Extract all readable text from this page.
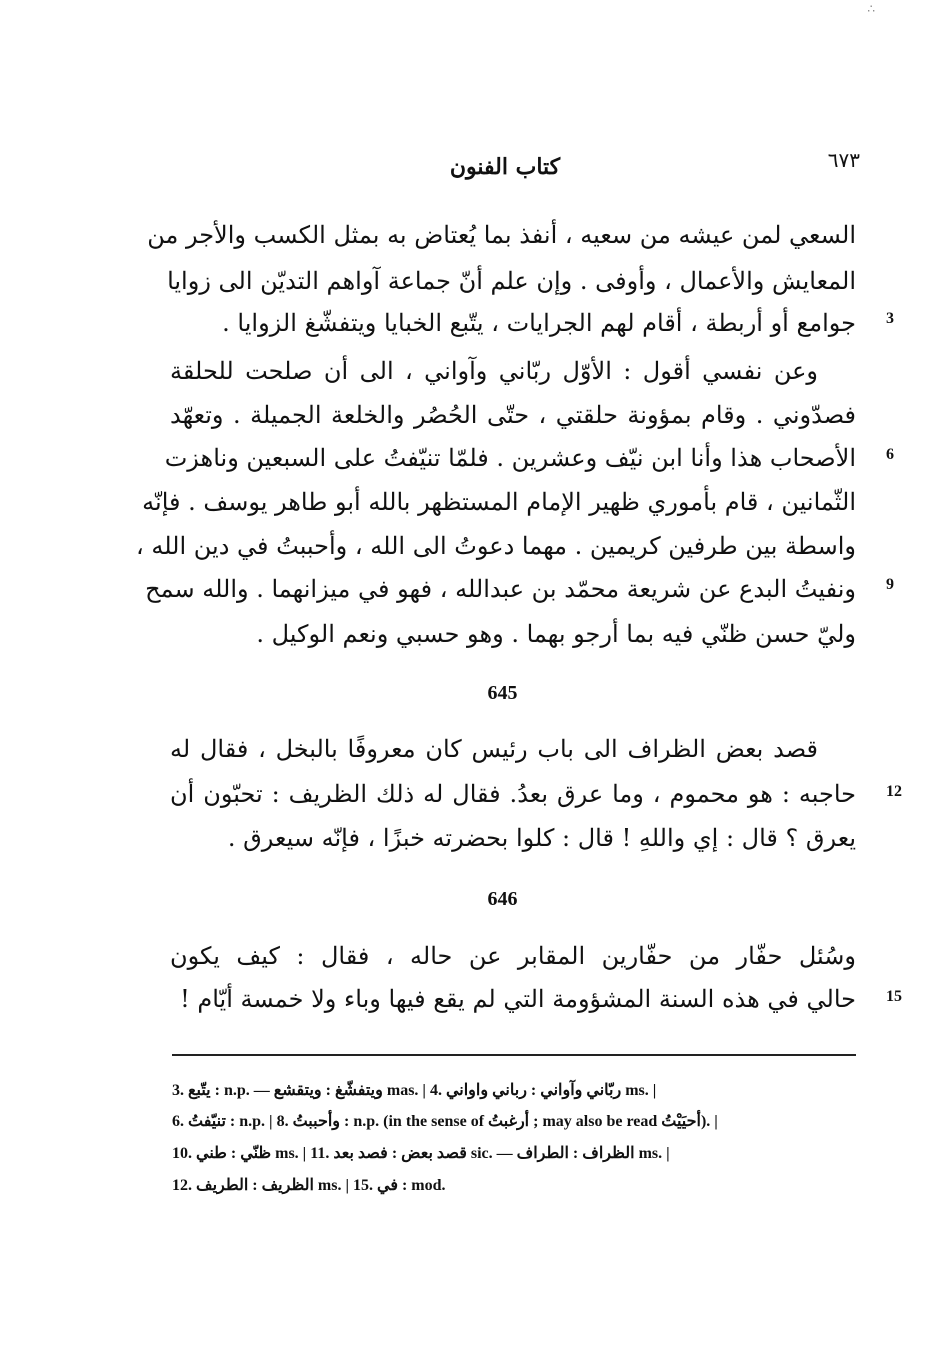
∴
كتاب الفنون	٦٧٣
السعي لمن عيشه من سعيه ، أنفذ بما يُعتاض به بمثل الكسب والأجر من
المعايش والأعمال ، وأوفى . وإن علم أنّ جماعة آواهم التديّن الى زوايا
جوامع أو أربطة ، أقام لهم الجرايات ، يتّبع الخبايا ويتفشّغ الزوايا . 3
وعن نفسي أقول : الأوّل ربّاني وآواني ، الى أن صلحت للحلقة
فصدّوني . وقام بمؤونة حلقتي ، حتّى الحُصُر والخلعة الجميلة . وتعهّد
الأصحاب هذا وأنا ابن نيّف وعشرين . فلمّا تنيّفتُ على السبعين وناهزت 6
الثّمانين ، قام بأموري ظهير الإمام المستظهر بالله أبو طاهر يوسف . فإنّه
واسطة بين طرفين كريمين . مهما دعوتُ الى الله ، وأحببتُ في دين الله ،
ونفيتُ البدع عن شريعة محمّد بن عبدالله ، فهو في ميزانهما . والله سمح 9
وليّ حسن ظنّي فيه بما أرجو بهما . وهو حسبي ونعم الوكيل .
645
قصد بعض الظراف الى باب رئيس كان معروفًا بالبخل ، فقال له
حاجبه : هو محموم ، وما عرق بعدُ. فقال له ذلك الظريف : تحبّون أن 12
يعرق ؟ قال : إي واللهِ ! قال : كلوا بحضرته خبزًا ، فإنّه سيعرق .
646
وسُئل حفّار من حفّارين المقابر عن حاله ، فقال : كيف يكون
حالي في هذه السنة المشؤومة التي لم يقع فيها وباء ولا خمسة أيّام ! 15
3. يتّبع : n.p. — ويتفشّغ : ويتقشع mas. | 4. ربّاني وآواني : رباني واواني ms. |
6. تنيّفتُ : n.p. | 8. وأحببتُ : n.p. (in the sense of أرغبتُ ; may also be read أحيَيْتُ). |
10. ظنّي : طني ms. | 11. قصد بعض : فصد بعد sic. — الظراف : الطراف ms. |
12. الظريف : الطريف ms. | 15. في : mod.
